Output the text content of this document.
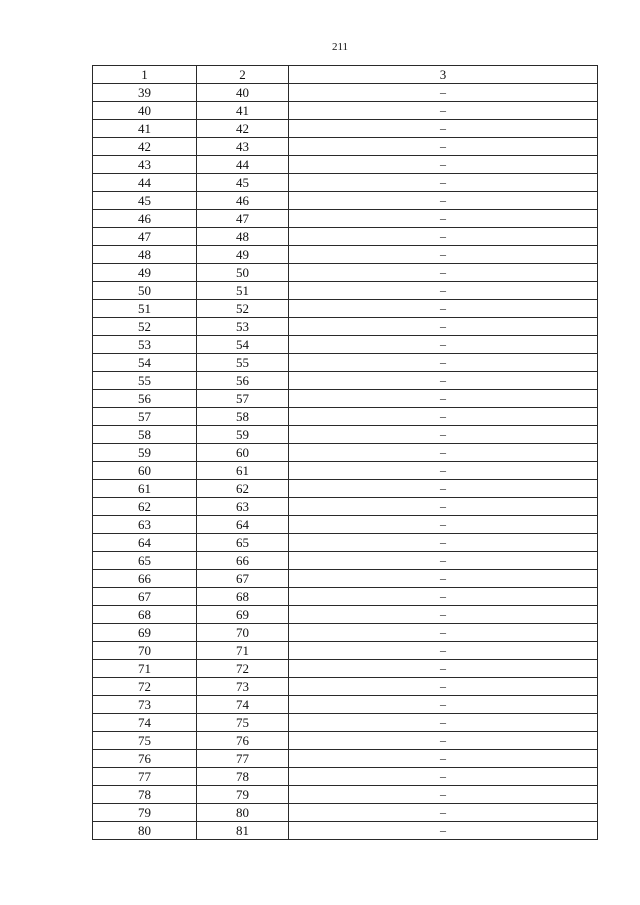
211
1	2	3
39	40	–
40	41	–
41	42	–
42	43	–
43	44	–
44	45	–
45	46	–
46	47	–
47	48	–
48	49	–
49	50	–
50	51	–
51	52	–
52	53	–
53	54	–
54	55	–
55	56	–
56	57	–
57	58	–
58	59	–
59	60	–
60	61	–
61	62	–
62	63	–
63	64	–
64	65	–
65	66	–
66	67	–
67	68	–
68	69	–
69	70	–
70	71	–
71	72	–
72	73	–
73	74	–
74	75	–
75	76	–
76	77	–
77	78	–
78	79	–
79	80	–
80	81	–
